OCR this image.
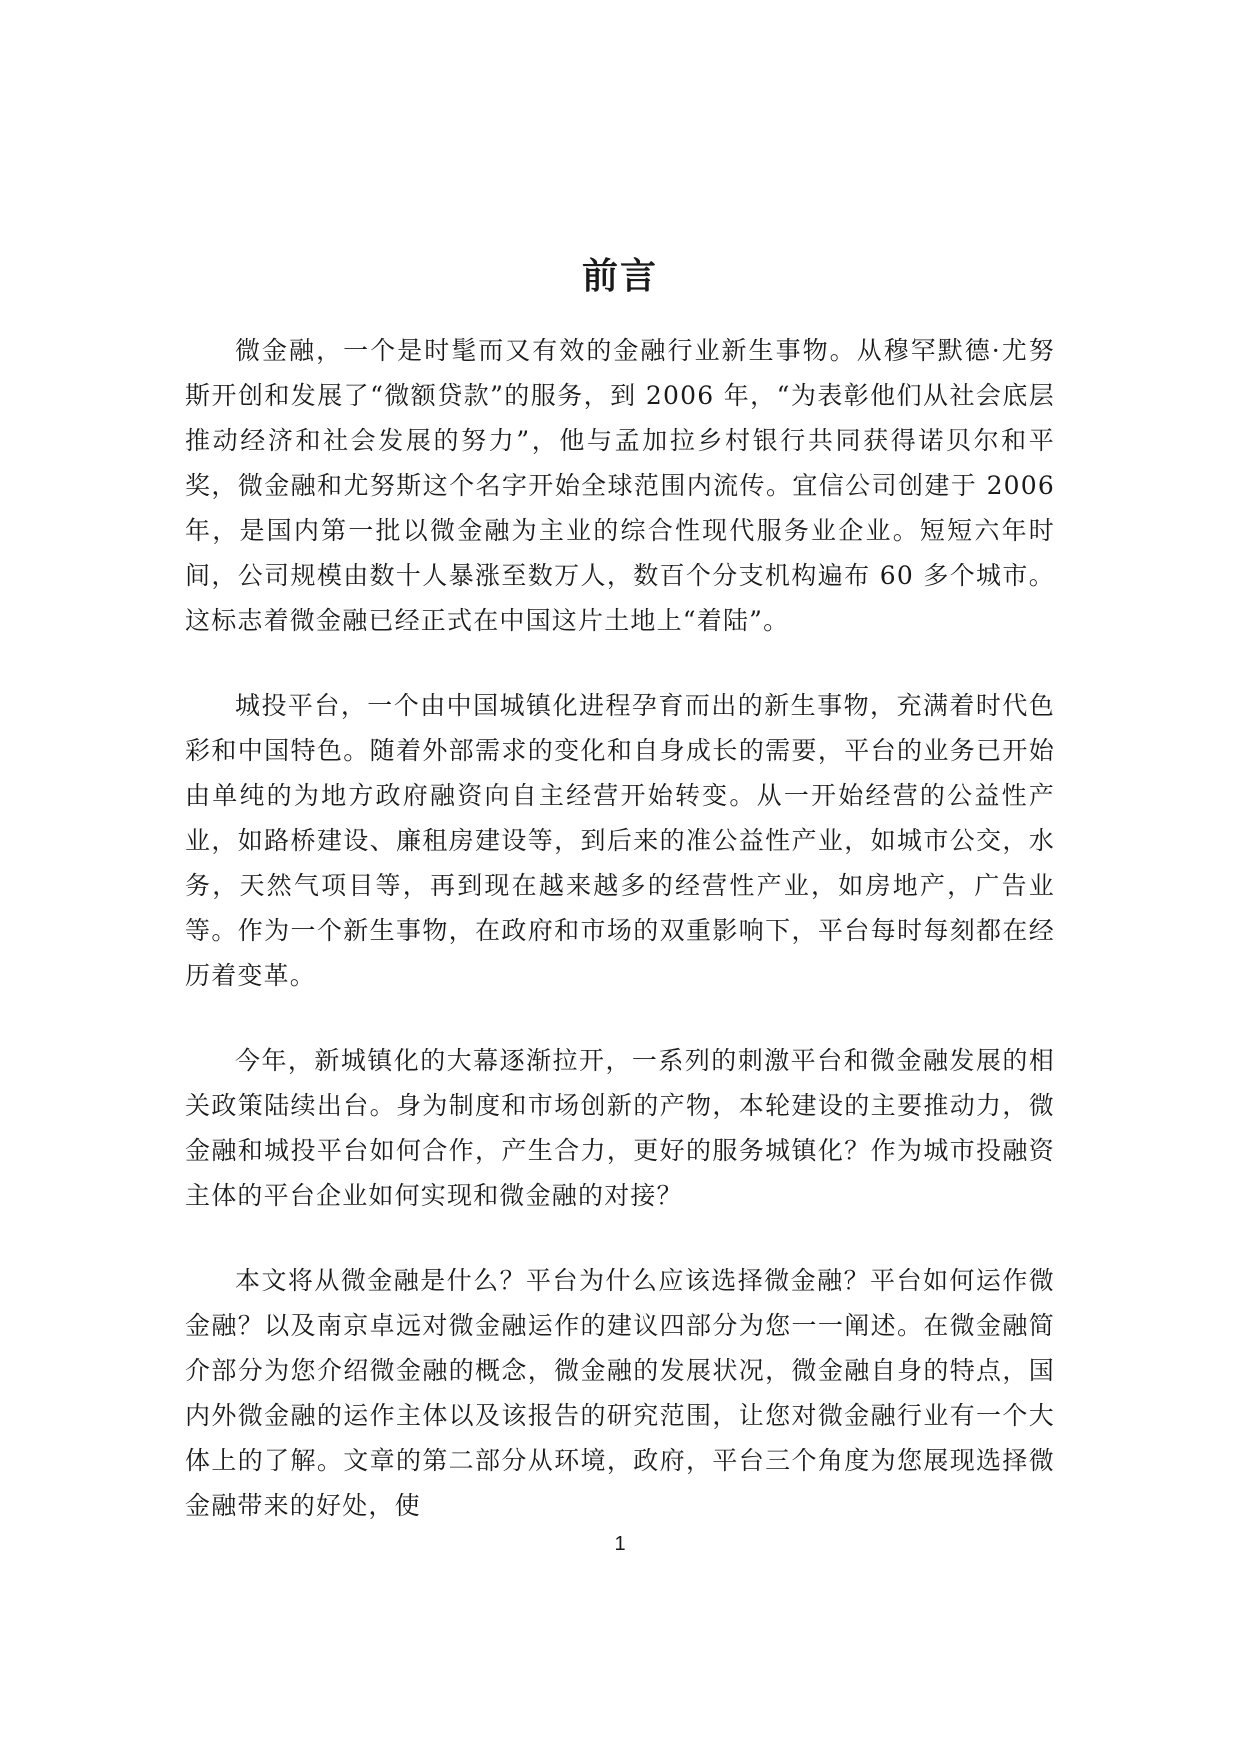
前言

微金融，一个是时髦而又有效的金融行业新生事物。从穆罕默德·尤努斯开创和发展了“微额贷款”的服务，到 2006 年，“为表彰他们从社会底层推动经济和社会发展的努力”，他与孟加拉乡村银行共同获得诺贝尔和平奖，微金融和尤努斯这个名字开始全球范围内流传。宜信公司创建于 2006 年，是国内第一批以微金融为主业的综合性现代服务业企业。短短六年时间，公司规模由数十人暴涨至数万人，数百个分支机构遍布 60 多个城市。这标志着微金融已经正式在中国这片土地上“着陆”。

城投平台，一个由中国城镇化进程孕育而出的新生事物，充满着时代色彩和中国特色。随着外部需求的变化和自身成长的需要，平台的业务已开始由单纯的为地方政府融资向自主经营开始转变。从一开始经营的公益性产业，如路桥建设、廉租房建设等，到后来的准公益性产业，如城市公交，水务，天然气项目等，再到现在越来越多的经营性产业，如房地产，广告业等。作为一个新生事物，在政府和市场的双重影响下，平台每时每刻都在经历着变革。

今年，新城镇化的大幕逐渐拉开，一系列的刺激平台和微金融发展的相关政策陆续出台。身为制度和市场创新的产物，本轮建设的主要推动力，微金融和城投平台如何合作，产生合力，更好的服务城镇化？作为城市投融资主体的平台企业如何实现和微金融的对接？

本文将从微金融是什么？平台为什么应该选择微金融？平台如何运作微金融？以及南京卓远对微金融运作的建议四部分为您一一阐述。在微金融简介部分为您介绍微金融的概念，微金融的发展状况，微金融自身的特点，国内外微金融的运作主体以及该报告的研究范围，让您对微金融行业有一个大体上的了解。文章的第二部分从环境，政府，平台三个角度为您展现选择微金融带来的好处，使

1
